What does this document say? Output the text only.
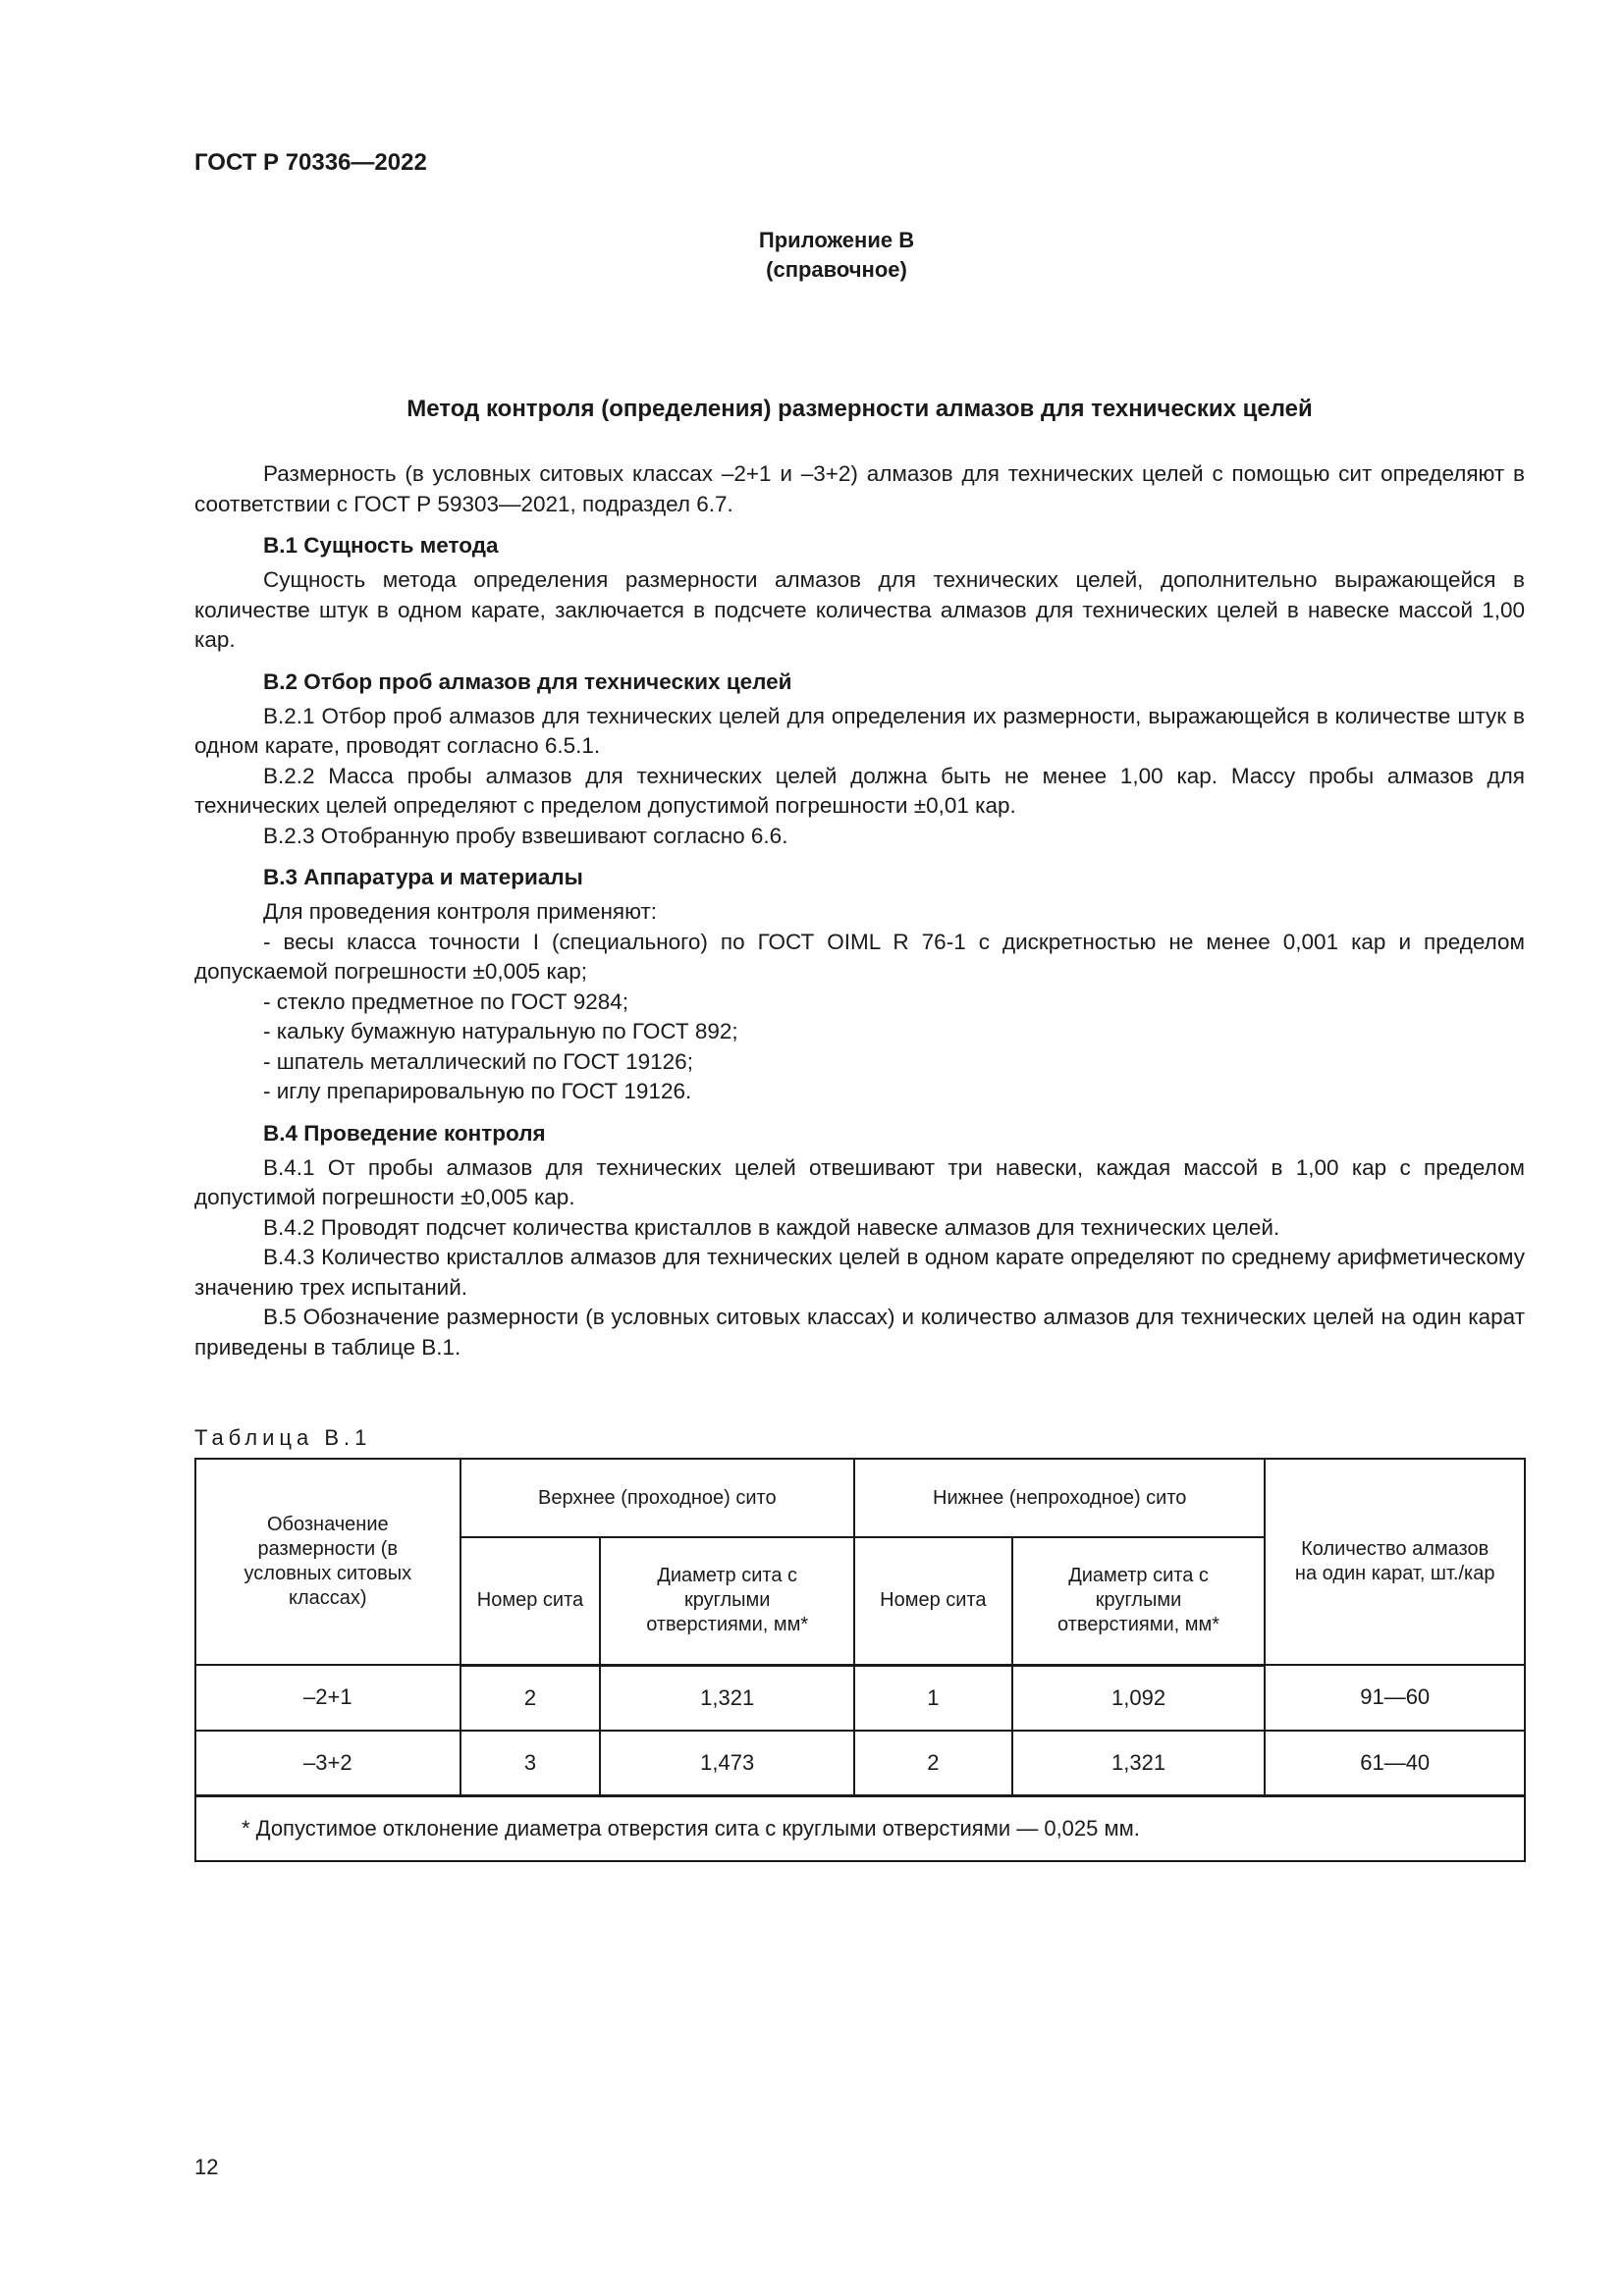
ГОСТ Р 70336—2022
Приложение В
(справочное)
Метод контроля (определения) размерности алмазов для технических целей

Размерность (в условных ситовых классах –2+1 и –3+2) алмазов для технических целей с помощью сит определяют в соответствии с ГОСТ Р 59303—2021, подраздел 6.7.

В.1 Сущность метода

Сущность метода определения размерности алмазов для технических целей, дополнительно выражающейся в количестве штук в одном карате, заключается в подсчете количества алмазов для технических целей в навеске массой 1,00 кар.

В.2 Отбор проб алмазов для технических целей

В.2.1 Отбор проб алмазов для технических целей для определения их размерности, выражающейся в количестве штук в одном карате, проводят согласно 6.5.1.

В.2.2 Масса пробы алмазов для технических целей должна быть не менее 1,00 кар. Массу пробы алмазов для технических целей определяют с пределом допустимой погрешности ±0,01 кар.

В.2.3 Отобранную пробу взвешивают согласно 6.6.

В.3 Аппаратура и материалы

Для проведения контроля применяют:

- весы класса точности I (специального) по ГОСТ OIML R 76-1 с дискретностью не менее 0,001 кар и пределом допускаемой погрешности ±0,005 кар;
- стекло предметное по ГОСТ 9284;
- кальку бумажную натуральную по ГОСТ 892;
- шпатель металлический по ГОСТ 19126;
- иглу препарировальную по ГОСТ 19126.
В.4 Проведение контроля

В.4.1 От пробы алмазов для технических целей отвешивают три навески, каждая массой в 1,00 кар с пределом допустимой погрешности ±0,005 кар.

В.4.2 Проводят подсчет количества кристаллов в каждой навеске алмазов для технических целей.

В.4.3 Количество кристаллов алмазов для технических целей в одном карате определяют по среднему арифметическому значению трех испытаний.

В.5 Обозначение размерности (в условных ситовых классах) и количество алмазов для технических целей на один карат приведены в таблице В.1.

Таблица В.1
Обозначение размерности (в условных ситовых классах)	Верхнее (проходное) сито		Нижнее (непроходное) сито		Количество алмазов на один карат, шт./кар
	Номер сита	Диаметр сита с круглыми отверстиями, мм*	Номер сита	Диаметр сита с круглыми отверстиями, мм*	
–2+1	2	1,321	1	1,092	91—60
–3+2	3	1,473	2	1,321	61—40
* Допустимое отклонение диаметра отверстия сита с круглыми отверстиями — 0,025 мм.					
12
